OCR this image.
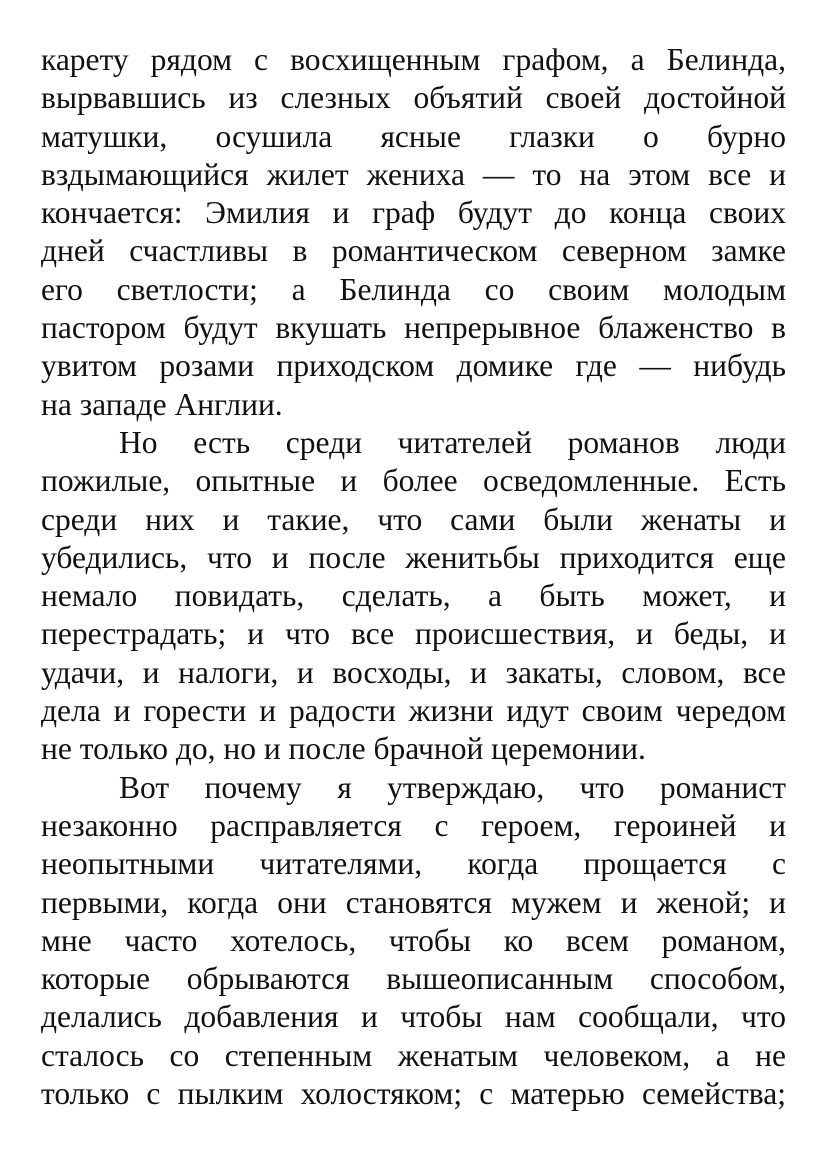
карету рядом с восхищенным графом, а Белинда,
вырвавшись из слезных объятий своей достойной
матушки, осушила ясные глазки о бурно
вздымающийся жилет жениха — то на этом все и
кончается: Эмилия и граф будут до конца своих
дней счастливы в романтическом северном замке
его светлости; а Белинда со своим молодым
пастором будут вкушать непрерывное блаженство в
увитом розами приходском домике где — нибудь
на западе Англии.
Но есть среди читателей романов люди
пожилые, опытные и более осведомленные. Есть
среди них и такие, что сами были женаты и
убедились, что и после женитьбы приходится еще
немало повидать, сделать, а быть может, и
перестрадать; и что все происшествия, и беды, и
удачи, и налоги, и восходы, и закаты, словом, все
дела и горести и радости жизни идут своим чередом
не только до, но и после брачной церемонии.
Вот почему я утверждаю, что романист
незаконно расправляется с героем, героиней и
неопытными читателями, когда прощается с
первыми, когда они становятся мужем и женой; и
мне часто хотелось, чтобы ко всем романом,
которые обрываются вышеописанным способом,
делались добавления и чтобы нам сообщали, что
сталось со степенным женатым человеком, а не
только с пылким холостяком; с матерью семейства;
